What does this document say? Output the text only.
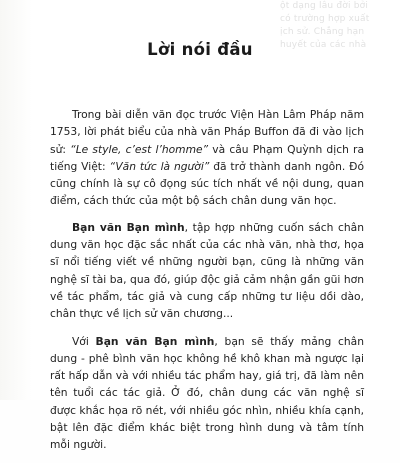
ột dạng lâu đời bởi
có trường hợp xuất
ịch sử. Chẳng hạn
huyết của các nhà
Lời nói đầu

Trong bài diễn văn đọc trước Viện Hàn Lâm Pháp năm 1753, lời phát biểu của nhà văn Pháp Buffon đã đi vào lịch sử: “Le style, c’est l’homme” và câu Phạm Quỳnh dịch ra tiếng Việt: “Văn tức là người” đã trở thành danh ngôn. Đó cũng chính là sự cô đọng súc tích nhất về nội dung, quan điểm, cách thức của một bộ sách chân dung văn học.

Bạn văn Bạn mình, tập hợp những cuốn sách chân dung văn học đặc sắc nhất của các nhà văn, nhà thơ, họa sĩ nổi tiếng viết về những người bạn, cũng là những văn nghệ sĩ tài ba, qua đó, giúp độc giả cảm nhận gần gũi hơn về tác phẩm, tác giả và cung cấp những tư liệu dồi dào, chân thực về lịch sử văn chương...

Với Bạn văn Bạn mình, bạn sẽ thấy mảng chân dung - phê bình văn học không hề khô khan mà ngược lại rất hấp dẫn và với nhiều tác phẩm hay, giá trị, đã làm nên tên tuổi các tác giả. Ở đó, chân dung các văn nghệ sĩ được khắc họa rõ nét, với nhiều góc nhìn, nhiều khía cạnh, bật lên đặc điểm khác biệt trong hình dung và tâm tính mỗi người.
